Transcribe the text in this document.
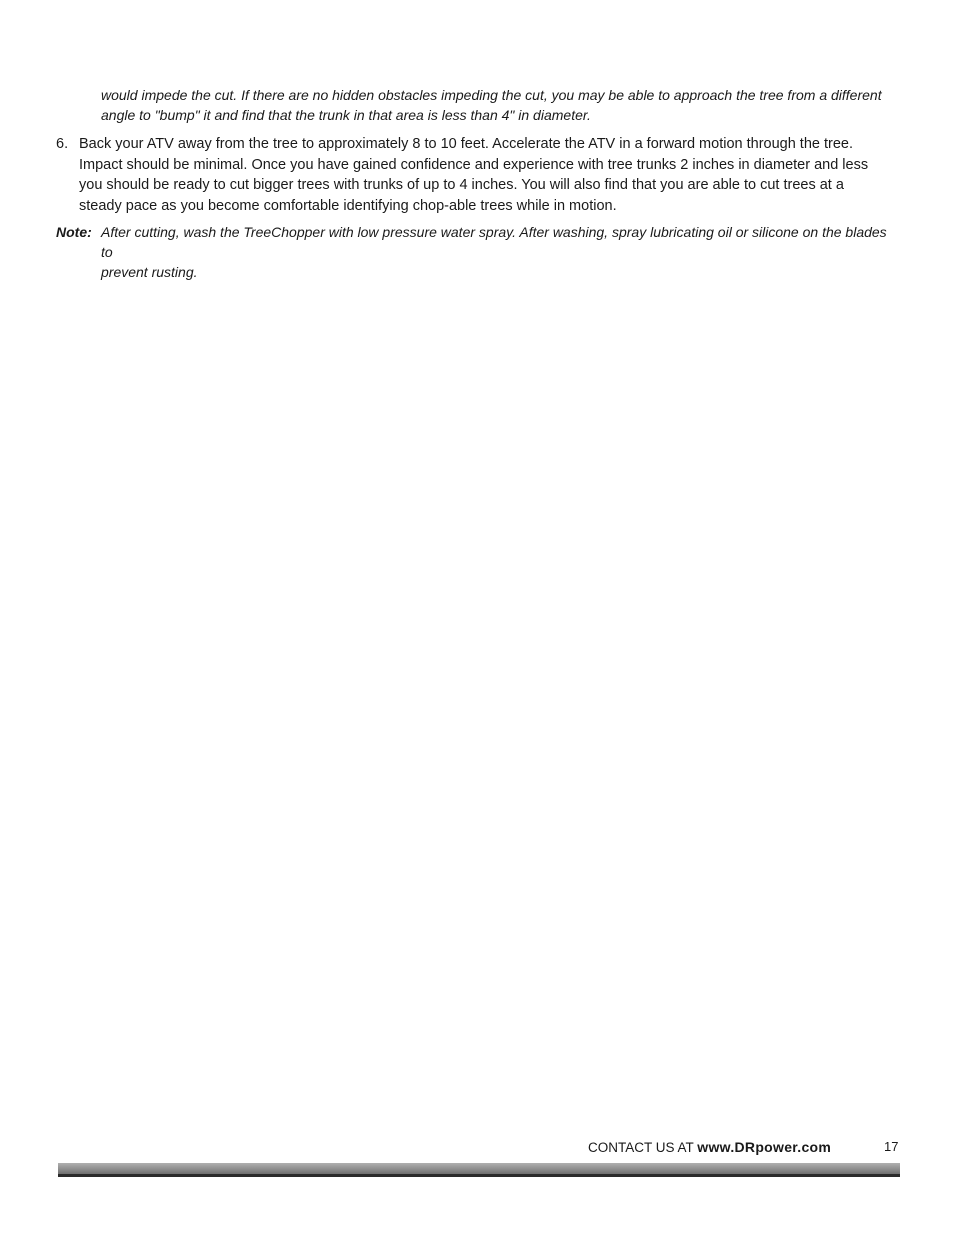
would impede the cut. If there are no hidden obstacles impeding the cut, you may be able to approach the tree from a different
angle to "bump" it and find that the trunk in that area is less than 4" in diameter.
6. Back your ATV away from the tree to approximately 8 to 10 feet. Accelerate the ATV in a forward motion through the tree.
Impact should be minimal. Once you have gained confidence and experience with tree trunks 2 inches in diameter and less
you should be ready to cut bigger trees with trunks of up to 4 inches. You will also find that you are able to cut trees at a
steady pace as you become comfortable identifying chop-able trees while in motion.
Note: After cutting, wash the TreeChopper with low pressure water spray. After washing, spray lubricating oil or silicone on the blades to
prevent rusting.
CONTACT US AT www.DRpower.com	17
